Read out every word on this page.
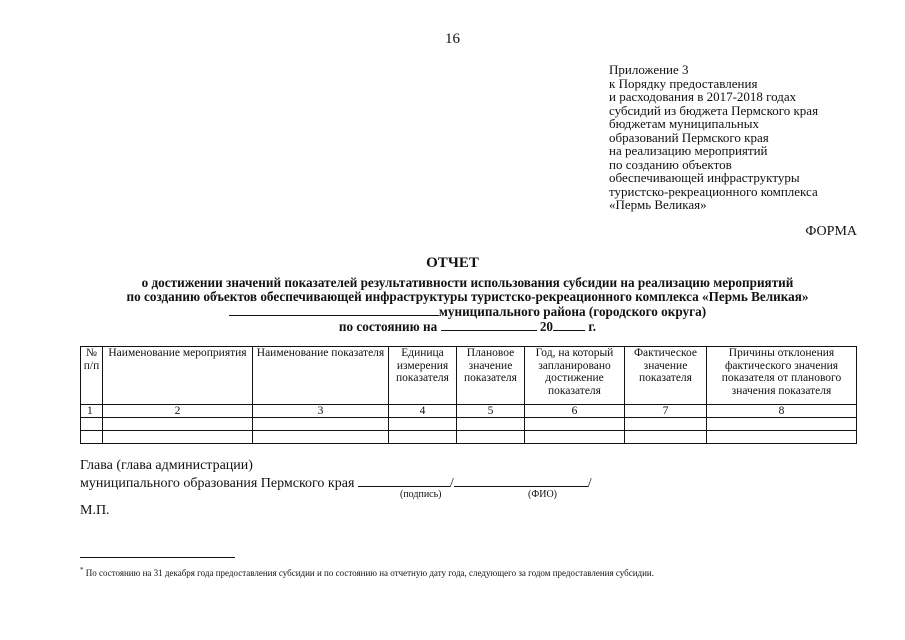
16
Приложение 3
к Порядку предоставления
и расходования в 2017-2018 годах
субсидий из бюджета Пермского края
бюджетам муниципальных
образований Пермского края
на реализацию мероприятий
по созданию объектов
обеспечивающей инфраструктуры
туристско-рекреационного комплекса
«Пермь Великая»
ФОРМА
ОТЧЕТ
о достижении значений показателей результативности использования субсидии на реализацию мероприятий
по созданию объектов обеспечивающей инфраструктуры туристско-рекреационного комплекса «Пермь Великая»
муниципального района (городского округа)
по состоянию на	20	г.
№ п/п	Наименование мероприятия	Наименование показателя	Единица измерения показателя	Плановое значение показателя	Год, на который запланировано достижение показателя	Фактическое значение показателя	Причины отклонения фактического значения показателя от планового значения показателя
1	2	3	4	5	6	7	8

Глава (глава администрации)
муниципального образования Пермского края	/	/
(подпись)	(ФИО)
М.П.
* По состоянию на 31 декабря года предоставления субсидии и по состоянию на отчетную дату года, следующего за годом предоставления субсидии.
